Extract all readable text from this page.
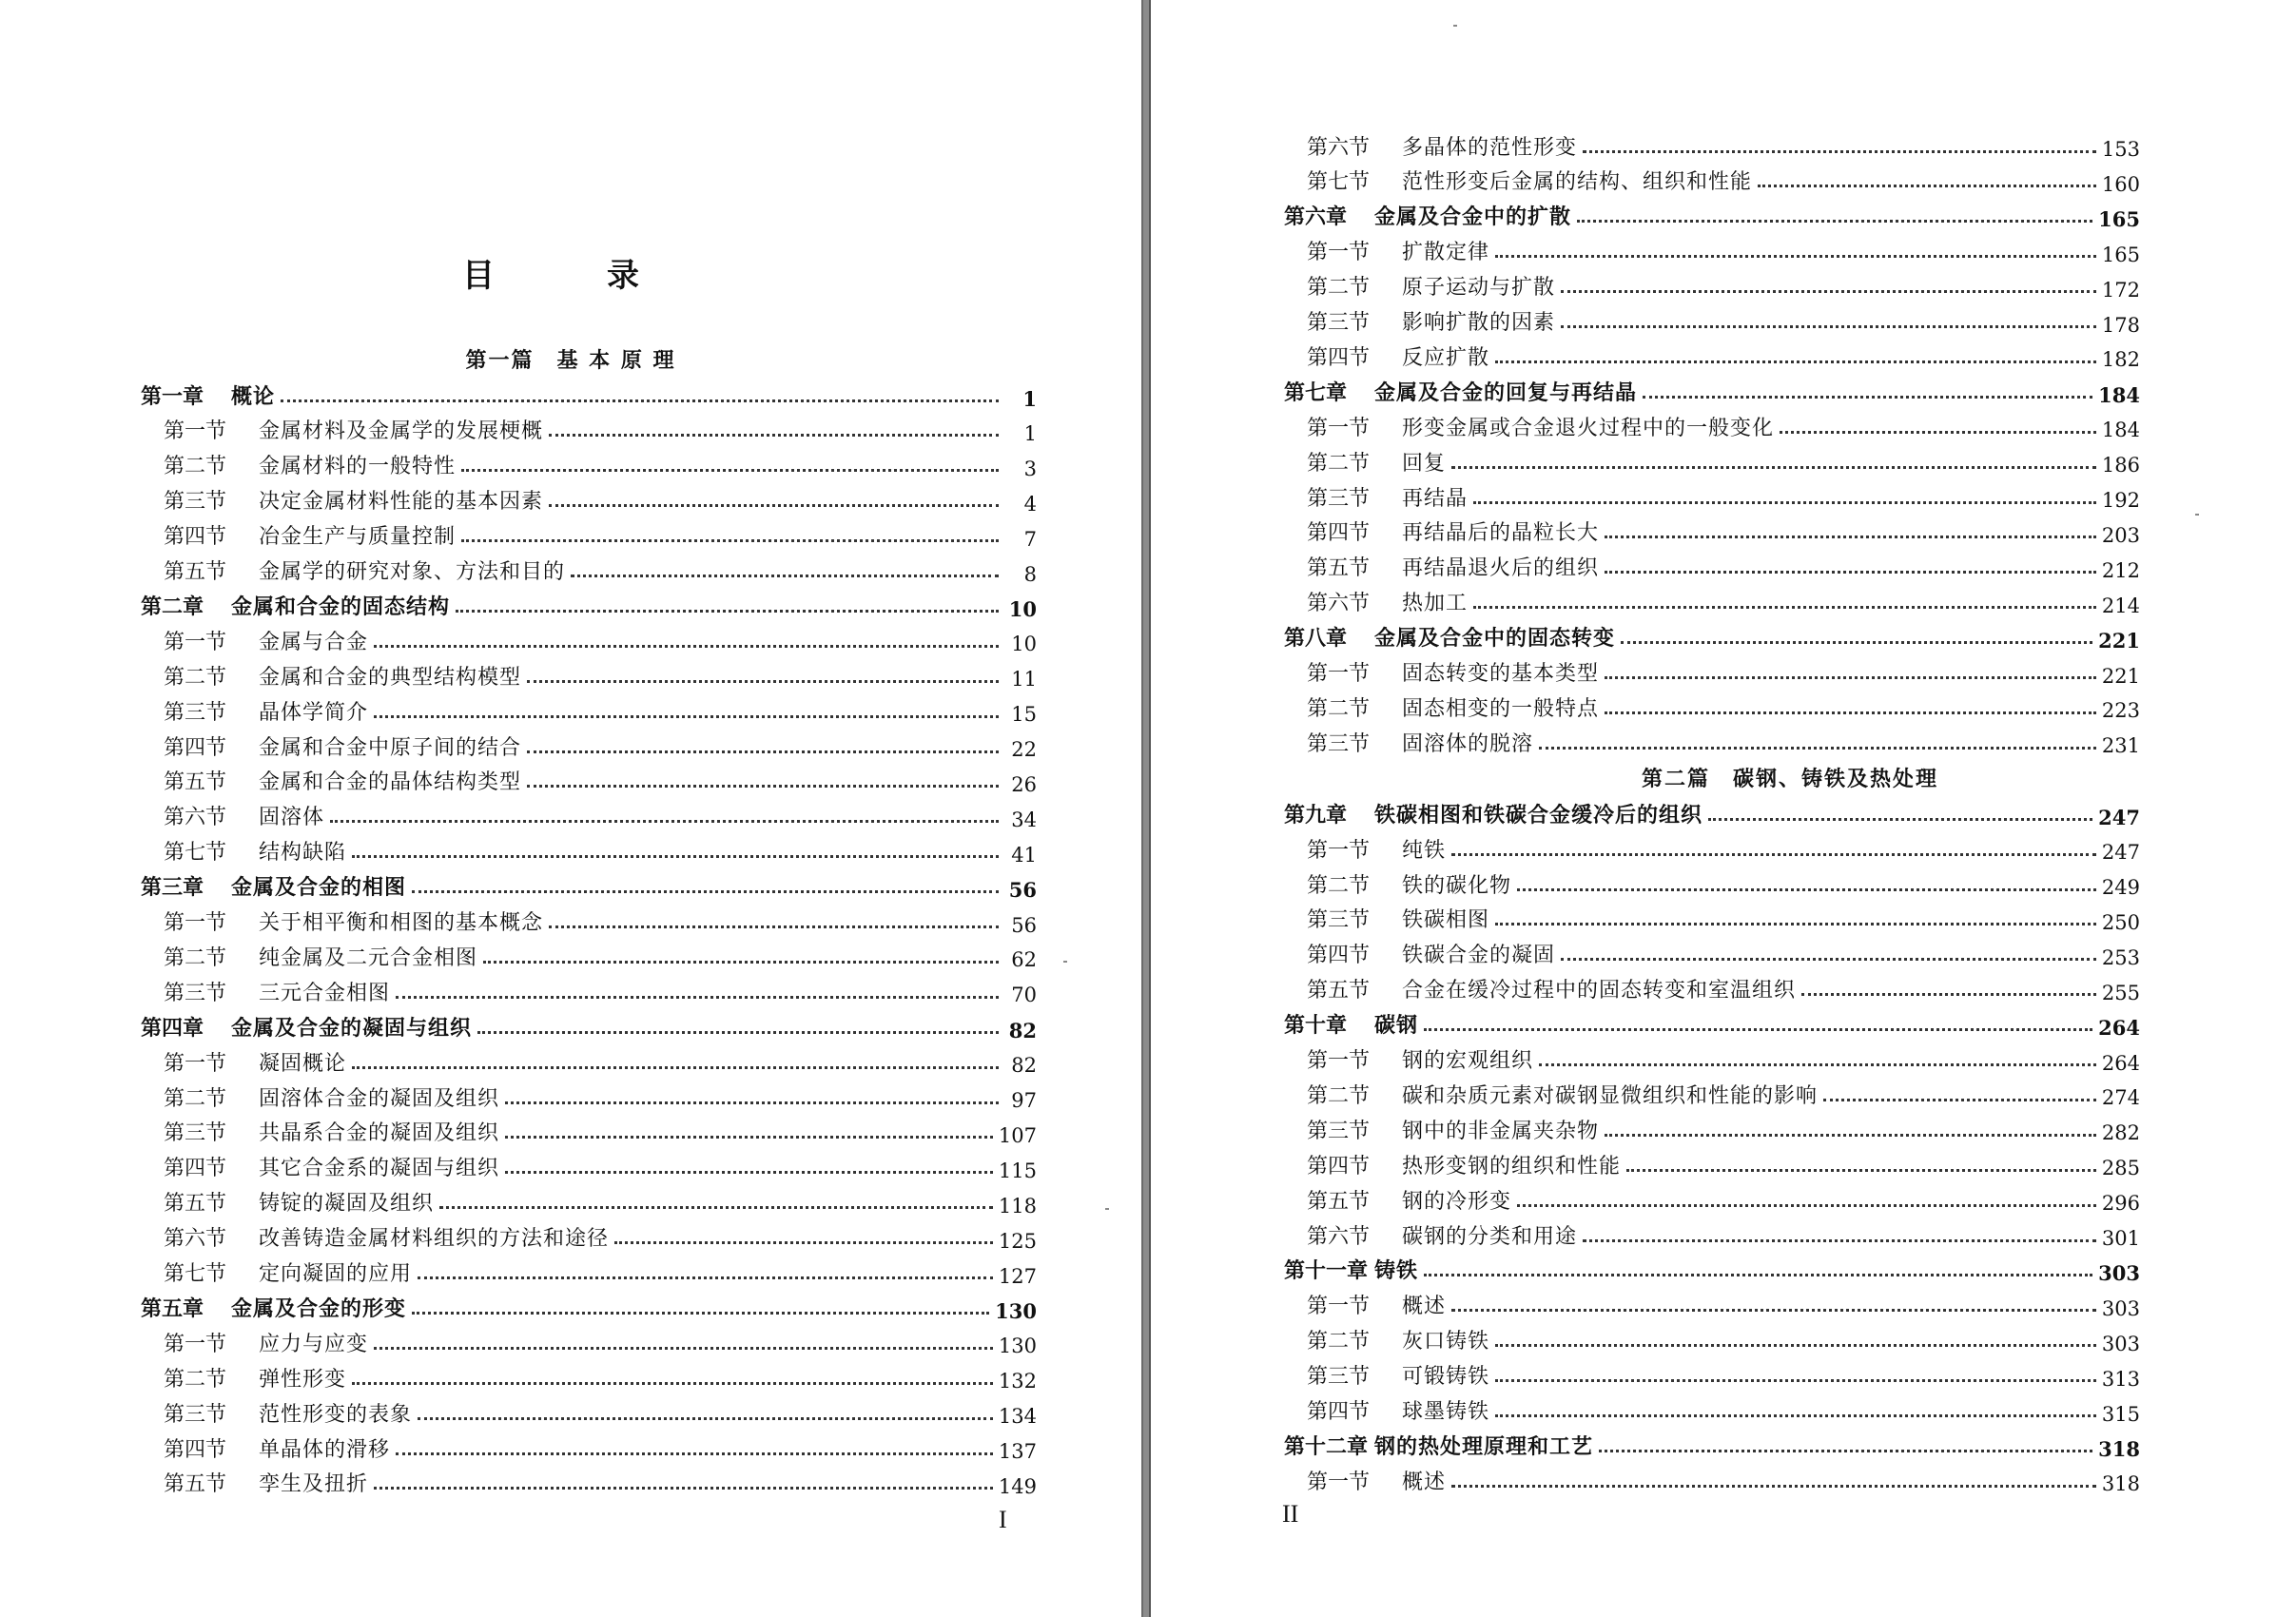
目　录
第一篇　基 本 原 理
第一章	概论	1
第一节	金属材料及金属学的发展梗概	1
第二节	金属材料的一般特性	3
第三节	决定金属材料性能的基本因素	4
第四节	冶金生产与质量控制	7
第五节	金属学的研究对象、方法和目的	8
第二章	金属和合金的固态结构	10
第一节	金属与合金	10
第二节	金属和合金的典型结构模型	11
第三节	晶体学简介	15
第四节	金属和合金中原子间的结合	22
第五节	金属和合金的晶体结构类型	26
第六节	固溶体	34
第七节	结构缺陷	41
第三章	金属及合金的相图	56
第一节	关于相平衡和相图的基本概念	56
第二节	纯金属及二元合金相图	62
第三节	三元合金相图	70
第四章	金属及合金的凝固与组织	82
第一节	凝固概论	82
第二节	固溶体合金的凝固及组织	97
第三节	共晶系合金的凝固及组织	107
第四节	其它合金系的凝固与组织	115
第五节	铸锭的凝固及组织	118
第六节	改善铸造金属材料组织的方法和途径	125
第七节	定向凝固的应用	127
第五章	金属及合金的形变	130
第一节	应力与应变	130
第二节	弹性形变	132
第三节	范性形变的表象	134
第四节	单晶体的滑移	137
第五节	孪生及扭折	149
I
第六节	多晶体的范性形变	153
第七节	范性形变后金属的结构、组织和性能	160
第六章	金属及合金中的扩散	165
第一节	扩散定律	165
第二节	原子运动与扩散	172
第三节	影响扩散的因素	178
第四节	反应扩散	182
第七章	金属及合金的回复与再结晶	184
第一节	形变金属或合金退火过程中的一般变化	184
第二节	回复	186
第三节	再结晶	192
第四节	再结晶后的晶粒长大	203
第五节	再结晶退火后的组织	212
第六节	热加工	214
第八章	金属及合金中的固态转变	221
第一节	固态转变的基本类型	221
第二节	固态相变的一般特点	223
第三节	固溶体的脱溶	231
第九章	铁碳相图和铁碳合金缓冷后的组织	247
第一节	纯铁	247
第二节	铁的碳化物	249
第三节	铁碳相图	250
第四节	铁碳合金的凝固	253
第五节	合金在缓冷过程中的固态转变和室温组织	255
第十章	碳钢	264
第一节	钢的宏观组织	264
第二节	碳和杂质元素对碳钢显微组织和性能的影响	274
第三节	钢中的非金属夹杂物	282
第四节	热形变钢的组织和性能	285
第五节	钢的冷形变	296
第六节	碳钢的分类和用途	301
第十一章 铸铁	303
第一节	概述	303
第二节	灰口铸铁	303
第三节	可锻铸铁	313
第四节	球墨铸铁	315
第十二章 钢的热处理原理和工艺	318
第一节	概述	318
II
第二篇　碳钢、铸铁及热处理
